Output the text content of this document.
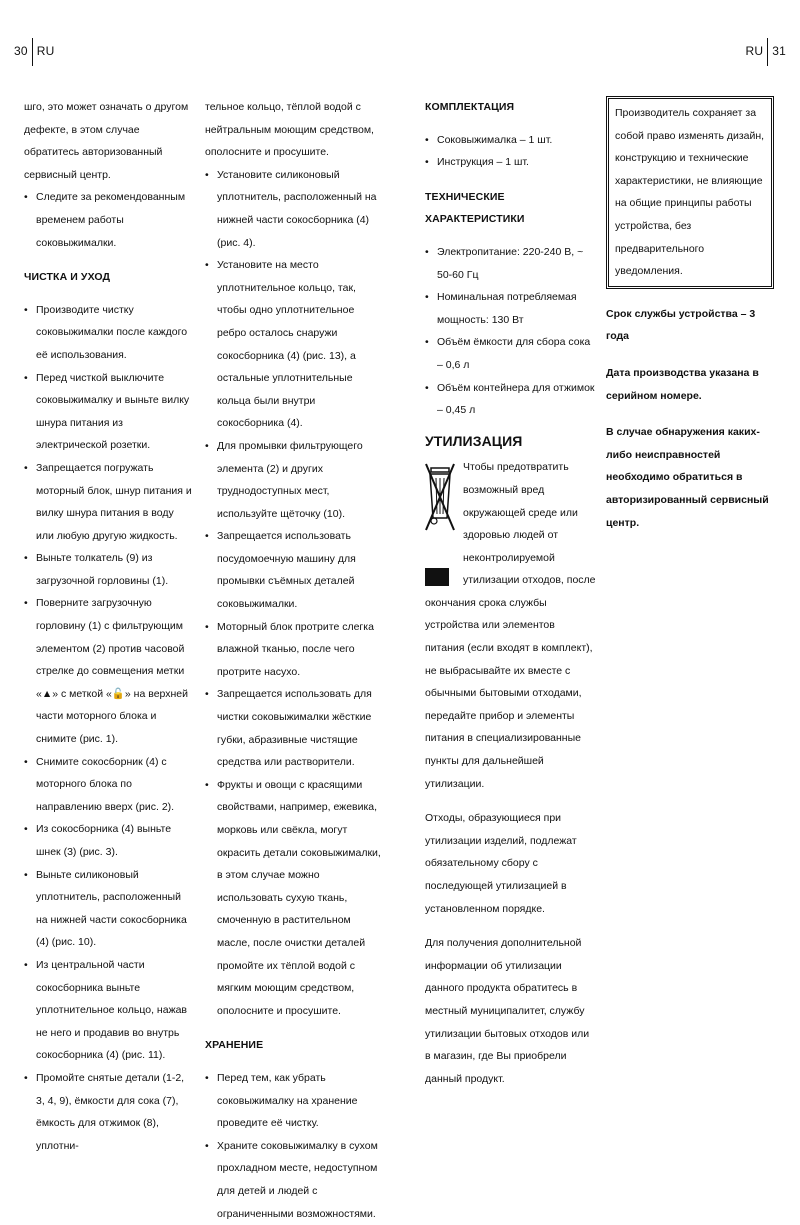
30 RU	RU 31

шго, это может означать о другом дефекте, в этом случае обратитесь авторизованный сервисный центр.

• Следите за рекомендованным временем работы соковыжималки.
ЧИСТКА И УХОД
• Производите чистку соковыжималки после каждого её использования.
• Перед чисткой выключите соковыжималку и выньте вилку шнура питания из электрической розетки.
• Запрещается погружать моторный блок, шнур питания и вилку шнура питания в воду или любую другую жидкость.
• Выньте толкатель (9) из загрузочной горловины (1).
• Поверните загрузочную горловину (1) с фильтрующим элементом (2) против часовой стрелке до совмещения метки «▲» с меткой «🔓» на верхней части моторного блока и снимите (рис. 1).
• Снимите сокосборник (4) с моторного блока по направлению вверх (рис. 2).
• Из сокосборника (4) выньте шнек (3) (рис. 3).
• Выньте силиконовый уплотнитель, расположенный на нижней части сокосборника (4) (рис. 10).
• Из центральной части сокосборника выньте уплотнительное кольцо, нажав не него и продавив во внутрь сокосборника (4) (рис. 11).
• Промойте снятые детали (1-2, 3, 4, 9), ёмкости для сока (7), ёмкость для отжимок (8), уплотни-

тельное кольцо, тёплой водой с нейтральным моющим средством, ополосните и просушите.

• Установите силиконовый уплотнитель, расположенный на нижней части сокосборника (4) (рис. 4).
• Установите на место уплотнительное кольцо, так, чтобы одно уплотнительное ребро осталось снаружи сокосборника (4) (рис. 13), а остальные уплотнительные кольца были внутри сокосборника (4).
• Для промывки фильтрующего элемента (2) и других труднодоступных мест, используйте щёточку (10).
• Запрещается использовать посудомоечную машину для промывки съёмных деталей соковыжималки.
• Моторный блок протрите слегка влажной тканью, после чего протрите насухо.
• Запрещается использовать для чистки соковыжималки жёсткие губки, абразивные чистящие средства или растворители.
• Фрукты и овощи с красящими свойствами, например, ежевика, морковь или свёкла, могут окрасить детали соковыжималки, в этом случае можно использовать сухую ткань, смоченную в растительном масле, после очистки деталей промойте их тёплой водой с мягким моющим средством, ополосните и просушите.
ХРАНЕНИЕ
• Перед тем, как убрать соковыжималку на хранение проведите её чистку.
• Храните соковыжималку в сухом прохладном месте, недоступном для детей и людей с ограниченными возможностями.
КОМПЛЕКТАЦИЯ
• Соковыжималка – 1 шт.
• Инструкция – 1 шт.
ТЕХНИЧЕСКИЕ ХАРАКТЕРИСТИКИ
• Электропитание: 220-240 В, ~ 50-60 Гц
• Номинальная потребляемая мощность: 130 Вт
• Объём ёмкости для сбора сока – 0,6 л
• Объём контейнера для отжимок – 0,45 л
УТИЛИЗАЦИЯ

Чтобы предотвратить возможный вред окружающей среде или здоровью людей от неконтролируемой утилизации отходов, после окончания срока службы устройства или элементов питания (если входят в комплект), не выбрасывайте их вместе с обычными бытовыми отходами, передайте прибор и элементы питания в специализированные пункты для дальнейшей утилизации.

Отходы, образующиеся при утилизации изделий, подлежат обязательному сбору с последующей утилизацией в установленном порядке.

Для получения дополнительной информации об утилизации данного продукта обратитесь в местный муниципалитет, службу утилизации бытовых отходов или в магазин, где Вы приобрели данный продукт.

Производитель сохраняет за собой право изменять дизайн, конструкцию и технические характеристики, не влияющие на общие принципы работы устройства, без предварительного уведомления.

Срок службы устройства – 3 года

Дата производства указана в серийном номере.

В случае обнаружения каких-либо неисправностей необходимо обратиться в авторизированный сервисный центр.
